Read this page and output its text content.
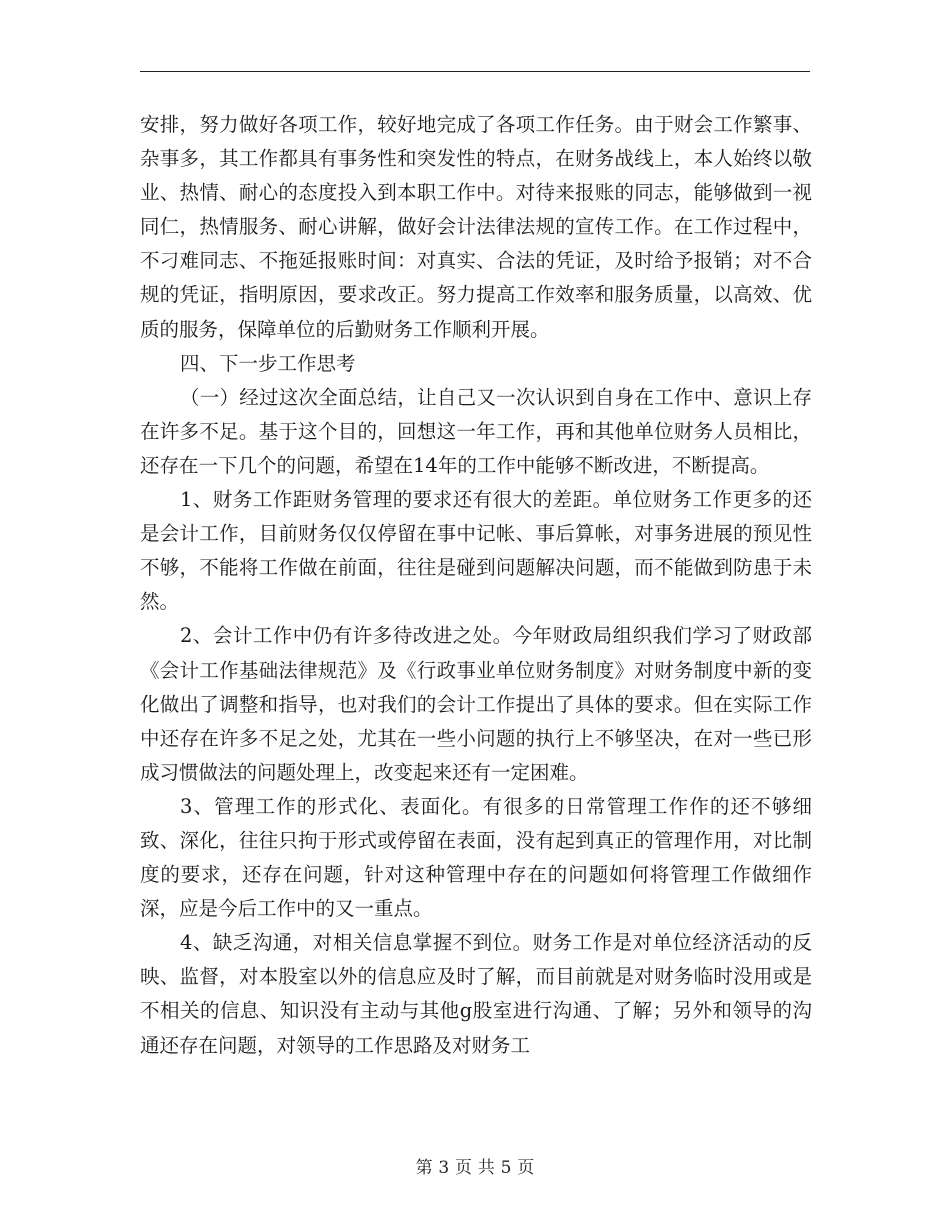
安排，努力做好各项工作，较好地完成了各项工作任务。由于财会工作繁事、杂事多，其工作都具有事务性和突发性的特点，在财务战线上，本人始终以敬业、热情、耐心的态度投入到本职工作中。对待来报账的同志，能够做到一视同仁，热情服务、耐心讲解，做好会计法律法规的宣传工作。在工作过程中，不刁难同志、不拖延报账时间：对真实、合法的凭证，及时给予报销；对不合规的凭证，指明原因，要求改正。努力提高工作效率和服务质量，以高效、优质的服务，保障单位的后勤财务工作顺利开展。

四、下一步工作思考

（一）经过这次全面总结，让自己又一次认识到自身在工作中、意识上存在许多不足。基于这个目的，回想这一年工作，再和其他单位财务人员相比，还存在一下几个的问题，希望在14年的工作中能够不断改进，不断提高。

1、财务工作距财务管理的要求还有很大的差距。单位财务工作更多的还是会计工作，目前财务仅仅停留在事中记帐、事后算帐，对事务进展的预见性不够，不能将工作做在前面，往往是碰到问题解决问题，而不能做到防患于未然。

2、会计工作中仍有许多待改进之处。今年财政局组织我们学习了财政部《会计工作基础法律规范》及《行政事业单位财务制度》对财务制度中新的变化做出了调整和指导，也对我们的会计工作提出了具体的要求。但在实际工作中还存在许多不足之处，尤其在一些小问题的执行上不够坚决，在对一些已形成习惯做法的问题处理上，改变起来还有一定困难。

3、管理工作的形式化、表面化。有很多的日常管理工作作的还不够细致、深化，往往只拘于形式或停留在表面，没有起到真正的管理作用，对比制度的要求，还存在问题，针对这种管理中存在的问题如何将管理工作做细作深，应是今后工作中的又一重点。

4、缺乏沟通，对相关信息掌握不到位。财务工作是对单位经济活动的反映、监督，对本股室以外的信息应及时了解，而目前就是对财务临时没用或是不相关的信息、知识没有主动与其他g股室进行沟通、了解；另外和领导的沟通还存在问题，对领导的工作思路及对财务工

第 3 页 共 5 页
